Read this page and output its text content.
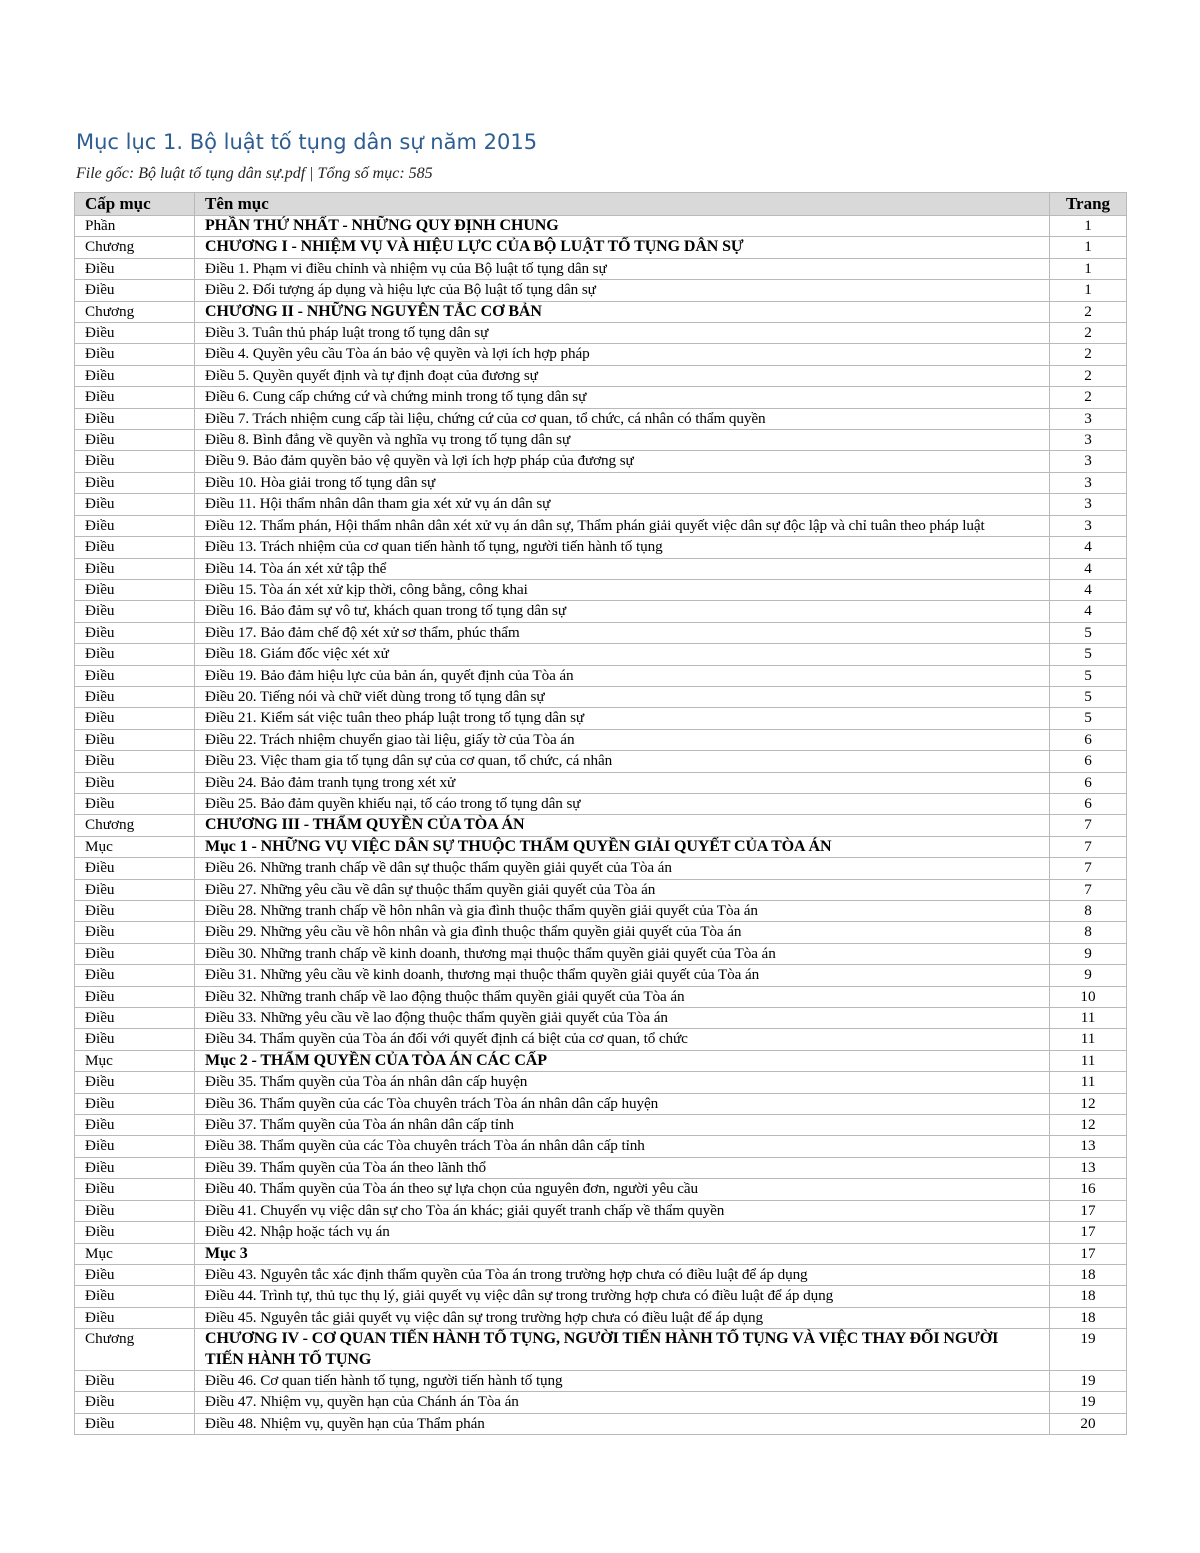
Mục lục 1. Bộ luật tố tụng dân sự năm 2015
File gốc: Bộ luật tố tụng dân sự.pdf | Tổng số mục: 585
Cấp mục	Tên mục	Trang
Phần	PHẦN THỨ NHẤT - NHỮNG QUY ĐỊNH CHUNG	1
Chương	CHƯƠNG I - NHIỆM VỤ VÀ HIỆU LỰC CỦA BỘ LUẬT TỐ TỤNG DÂN SỰ	1
Điều	Điều 1. Phạm vi điều chỉnh và nhiệm vụ của Bộ luật tố tụng dân sự	1
Điều	Điều 2. Đối tượng áp dụng và hiệu lực của Bộ luật tố tụng dân sự	1
Chương	CHƯƠNG II - NHỮNG NGUYÊN TẮC CƠ BẢN	2
Điều	Điều 3. Tuân thủ pháp luật trong tố tụng dân sự	2
Điều	Điều 4. Quyền yêu cầu Tòa án bảo vệ quyền và lợi ích hợp pháp	2
Điều	Điều 5. Quyền quyết định và tự định đoạt của đương sự	2
Điều	Điều 6. Cung cấp chứng cứ và chứng minh trong tố tụng dân sự	2
Điều	Điều 7. Trách nhiệm cung cấp tài liệu, chứng cứ của cơ quan, tổ chức, cá nhân có thẩm quyền	3
Điều	Điều 8. Bình đẳng về quyền và nghĩa vụ trong tố tụng dân sự	3
Điều	Điều 9. Bảo đảm quyền bảo vệ quyền và lợi ích hợp pháp của đương sự	3
Điều	Điều 10. Hòa giải trong tố tụng dân sự	3
Điều	Điều 11. Hội thẩm nhân dân tham gia xét xử vụ án dân sự	3
Điều	Điều 12. Thẩm phán, Hội thẩm nhân dân xét xử vụ án dân sự, Thẩm phán giải quyết việc dân sự độc lập và chỉ tuân theo pháp luật	3
Điều	Điều 13. Trách nhiệm của cơ quan tiến hành tố tụng, người tiến hành tố tụng	4
Điều	Điều 14. Tòa án xét xử tập thể	4
Điều	Điều 15. Tòa án xét xử kịp thời, công bằng, công khai	4
Điều	Điều 16. Bảo đảm sự vô tư, khách quan trong tố tụng dân sự	4
Điều	Điều 17. Bảo đảm chế độ xét xử sơ thẩm, phúc thẩm	5
Điều	Điều 18. Giám đốc việc xét xử	5
Điều	Điều 19. Bảo đảm hiệu lực của bản án, quyết định của Tòa án	5
Điều	Điều 20. Tiếng nói và chữ viết dùng trong tố tụng dân sự	5
Điều	Điều 21. Kiểm sát việc tuân theo pháp luật trong tố tụng dân sự	5
Điều	Điều 22. Trách nhiệm chuyển giao tài liệu, giấy tờ của Tòa án	6
Điều	Điều 23. Việc tham gia tố tụng dân sự của cơ quan, tổ chức, cá nhân	6
Điều	Điều 24. Bảo đảm tranh tụng trong xét xử	6
Điều	Điều 25. Bảo đảm quyền khiếu nại, tố cáo trong tố tụng dân sự	6
Chương	CHƯƠNG III - THẨM QUYỀN CỦA TÒA ÁN	7
Mục	Mục 1 - NHỮNG VỤ VIỆC DÂN SỰ THUỘC THẨM QUYỀN GIẢI QUYẾT CỦA TÒA ÁN	7
Điều	Điều 26. Những tranh chấp về dân sự thuộc thẩm quyền giải quyết của Tòa án	7
Điều	Điều 27. Những yêu cầu về dân sự thuộc thẩm quyền giải quyết của Tòa án	7
Điều	Điều 28. Những tranh chấp về hôn nhân và gia đình thuộc thẩm quyền giải quyết của Tòa án	8
Điều	Điều 29. Những yêu cầu về hôn nhân và gia đình thuộc thẩm quyền giải quyết của Tòa án	8
Điều	Điều 30. Những tranh chấp về kinh doanh, thương mại thuộc thẩm quyền giải quyết của Tòa án	9
Điều	Điều 31. Những yêu cầu về kinh doanh, thương mại thuộc thẩm quyền giải quyết của Tòa án	9
Điều	Điều 32. Những tranh chấp về lao động thuộc thẩm quyền giải quyết của Tòa án	10
Điều	Điều 33. Những yêu cầu về lao động thuộc thẩm quyền giải quyết của Tòa án	11
Điều	Điều 34. Thẩm quyền của Tòa án đối với quyết định cá biệt của cơ quan, tổ chức	11
Mục	Mục 2 - THẨM QUYỀN CỦA TÒA ÁN CÁC CẤP	11
Điều	Điều 35. Thẩm quyền của Tòa án nhân dân cấp huyện	11
Điều	Điều 36. Thẩm quyền của các Tòa chuyên trách Tòa án nhân dân cấp huyện	12
Điều	Điều 37. Thẩm quyền của Tòa án nhân dân cấp tỉnh	12
Điều	Điều 38. Thẩm quyền của các Tòa chuyên trách Tòa án nhân dân cấp tỉnh	13
Điều	Điều 39. Thẩm quyền của Tòa án theo lãnh thổ	13
Điều	Điều 40. Thẩm quyền của Tòa án theo sự lựa chọn của nguyên đơn, người yêu cầu	16
Điều	Điều 41. Chuyển vụ việc dân sự cho Tòa án khác; giải quyết tranh chấp về thẩm quyền	17
Điều	Điều 42. Nhập hoặc tách vụ án	17
Mục	Mục 3	17
Điều	Điều 43. Nguyên tắc xác định thẩm quyền của Tòa án trong trường hợp chưa có điều luật để áp dụng	18
Điều	Điều 44. Trình tự, thủ tục thụ lý, giải quyết vụ việc dân sự trong trường hợp chưa có điều luật để áp dụng	18
Điều	Điều 45. Nguyên tắc giải quyết vụ việc dân sự trong trường hợp chưa có điều luật để áp dụng	18
Chương	CHƯƠNG IV - CƠ QUAN TIẾN HÀNH TỐ TỤNG, NGƯỜI TIẾN HÀNH TỐ TỤNG VÀ VIỆC THAY ĐỔI NGƯỜI TIẾN HÀNH TỐ TỤNG	19
Điều	Điều 46. Cơ quan tiến hành tố tụng, người tiến hành tố tụng	19
Điều	Điều 47. Nhiệm vụ, quyền hạn của Chánh án Tòa án	19
Điều	Điều 48. Nhiệm vụ, quyền hạn của Thẩm phán	20
